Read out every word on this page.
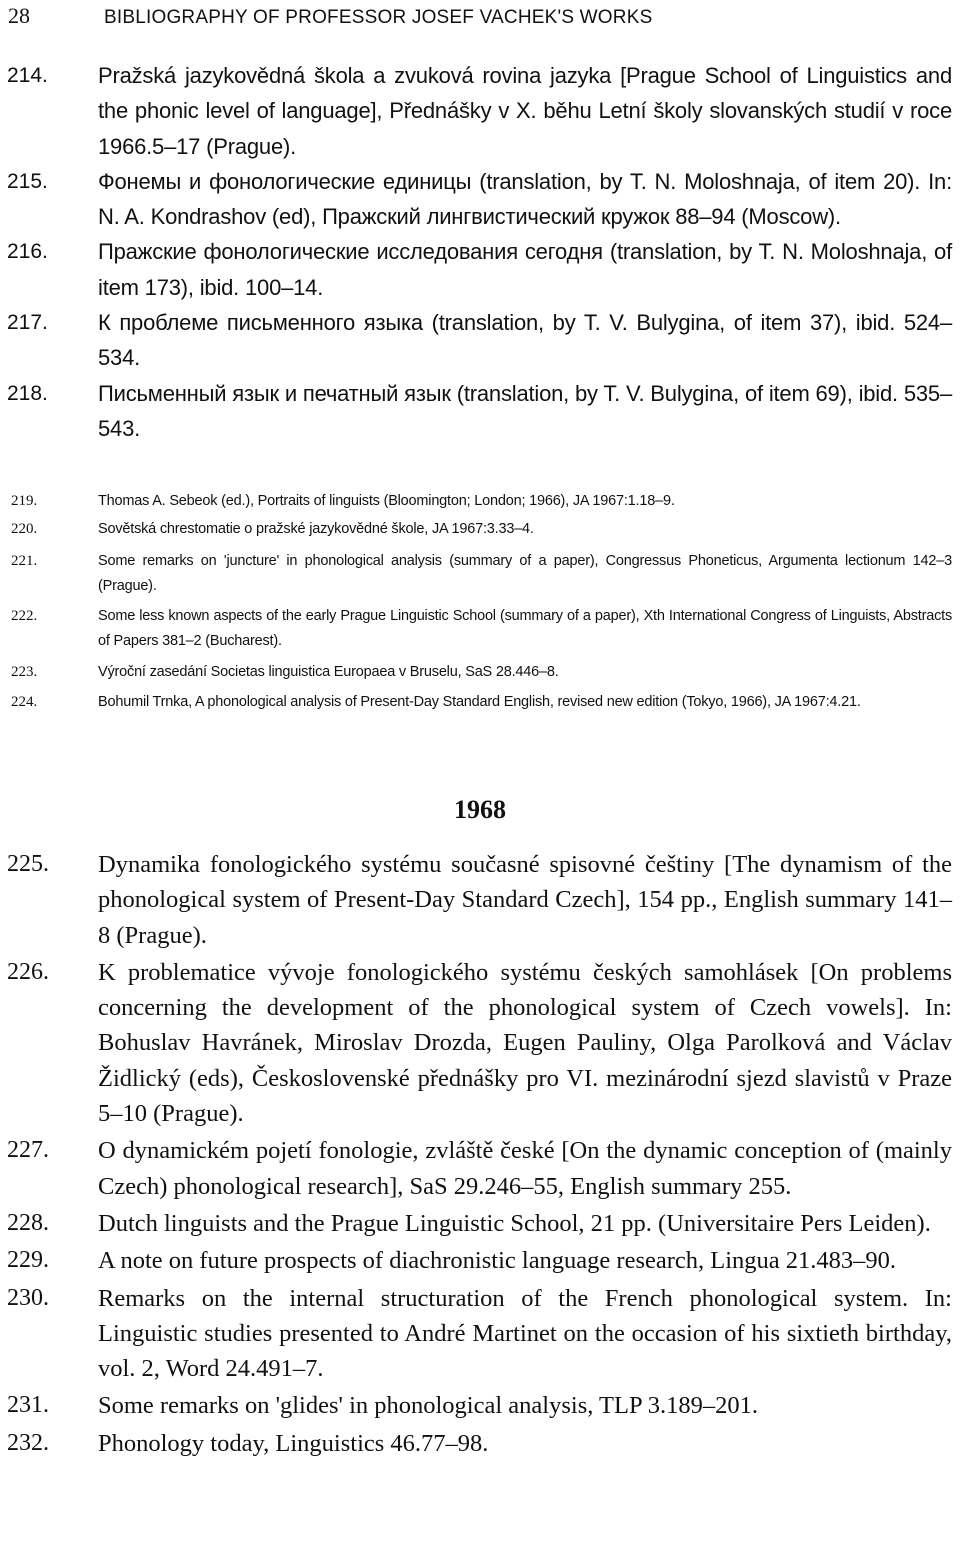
28	BIBLIOGRAPHY OF PROFESSOR JOSEF VACHEK'S WORKS
214. Pražská jazykovědná škola a zvuková rovina jazyka [Prague School of Linguistics and the phonic level of language], Přednášky v X. běhu Letní školy slovanských studií v roce 1966.5–17 (Prague).
215. Фонемы и фонологические единицы (translation, by T. N. Moloshnaja, of item 20). In: N. A. Kondrashov (ed), Пражский лингвистический кружок 88–94 (Moscow).
216. Пражские фонологические исследования сегодня (translation, by T. N. Moloshnaja, of item 173), ibid. 100–14.
217. К проблеме письменного языка (translation, by T. V. Bulygina, of item 37), ibid. 524–534.
218. Письменный язык и печатный язык (translation, by T. V. Bulygina, of item 69), ibid. 535–543.
219.	Thomas A. Sebeok (ed.), Portraits of linguists (Bloomington; London; 1966), JA 1967:1.18–9.
220.	Sovětská chrestomatie o pražské jazykovědné škole, JA 1967:3.33–4.
221.	Some remarks on 'juncture' in phonological analysis (summary of a paper), Congressus Phoneticus, Argumenta lectionum 142–3 (Prague).
222.	Some less known aspects of the early Prague Linguistic School (summary of a paper), Xth International Congress of Linguists, Abstracts of Papers 381–2 (Bucharest).
223.	Výroční zasedání Societas linguistica Europaea v Bruselu, SaS 28.446–8.
224.	Bohumil Trnka, A phonological analysis of Present-Day Standard English, revised new edition (Tokyo, 1966), JA 1967:4.21.
1968
225. Dynamika fonologického systému současné spisovné češtiny [The dynamism of the phonological system of Present-Day Standard Czech], 154 pp., English summary 141–8 (Prague).
226. K problematice vývoje fonologického systému českých samohlásek [On problems concerning the development of the phonological system of Czech vowels]. In: Bohuslav Havránek, Miroslav Drozda, Eugen Pauliny, Olga Parolková and Václav Židlický (eds), Československé přednášky pro VI. mezinárodní sjezd slavistů v Praze 5–10 (Prague).
227. O dynamickém pojetí fonologie, zvláště české [On the dynamic conception of (mainly Czech) phonological research], SaS 29.246–55, English summary 255.
228. Dutch linguists and the Prague Linguistic School, 21 pp. (Universitaire Pers Leiden).
229. A note on future prospects of diachronistic language research, Lingua 21.483–90.
230. Remarks on the internal structuration of the French phonological system. In: Linguistic studies presented to André Martinet on the occasion of his sixtieth birthday, vol. 2, Word 24.491–7.
231. Some remarks on 'glides' in phonological analysis, TLP 3.189–201.
232. Phonology today, Linguistics 46.77–98.
